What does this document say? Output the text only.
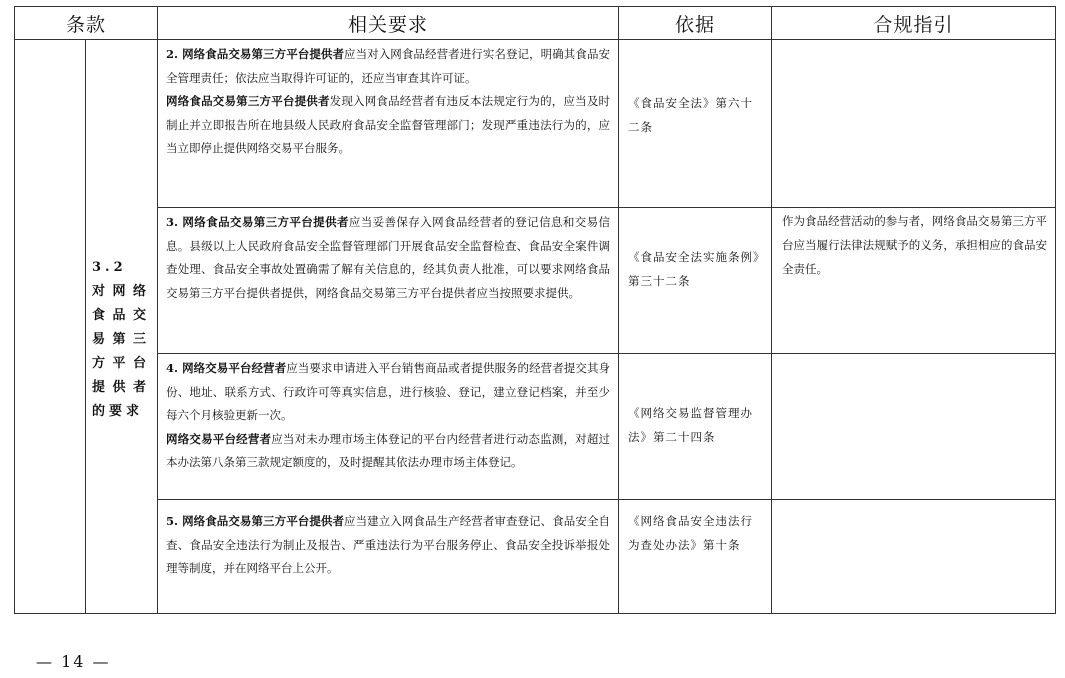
条款		相关要求	依据	合规指引
	3.2 对网络食品交易第三方平台提供者的要求	2. 网络食品交易第三方平台提供者应当对入网食品经营者进行实名登记，明确其食品安全管理责任；依法应当取得许可证的，还应当审查其许可证。

网络食品交易第三方平台提供者发现入网食品经营者有违反本法规定行为的，应当及时制止并立即报告所在地县级人民政府食品安全监督管理部门；发现严重违法行为的，应当立即停止提供网络交易平台服务。	《食品安全法》第六十二条	

		3. 网络食品交易第三方平台提供者应当妥善保存入网食品经营者的登记信息和交易信息。县级以上人民政府食品安全监督管理部门开展食品安全监督检查、食品安全案件调查处理、食品安全事故处置确需了解有关信息的，经其负责人批准，可以要求网络食品交易第三方平台提供者提供，网络食品交易第三方平台提供者应当按照要求提供。	《食品安全法实施条例》第三十二条	作为食品经营活动的参与者，网络食品交易第三方平台应当履行法律法规赋予的义务，承担相应的食品安全责任。

		4. 网络交易平台经营者应当要求申请进入平台销售商品或者提供服务的经营者提交其身份、地址、联系方式、行政许可等真实信息，进行核验、登记，建立登记档案，并至少每六个月核验更新一次。

网络交易平台经营者应当对未办理市场主体登记的平台内经营者进行动态监测，对超过本办法第八条第三款规定额度的，及时提醒其依法办理市场主体登记。	《网络交易监督管理办法》第二十四条	

		5. 网络食品交易第三方平台提供者应当建立入网食品生产经营者审查登记、食品安全自查、食品安全违法行为制止及报告、严重违法行为平台服务停止、食品安全投诉举报处理等制度，并在网络平台上公开。	《网络食品安全违法行为查处办法》第十条	
— 14 —
